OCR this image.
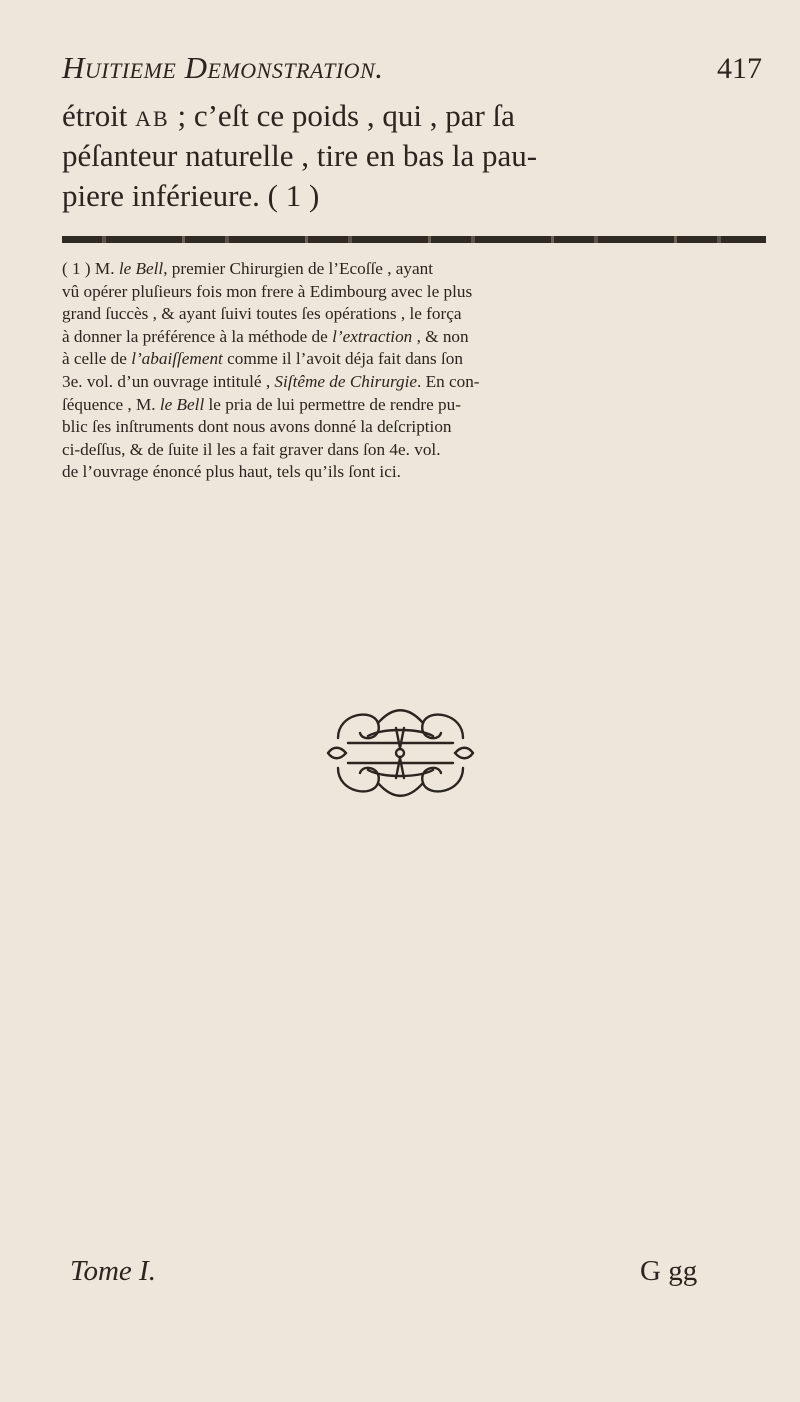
Huitieme Demonstration.	417

étroit ab ; c’eſt ce poids , qui , par ſa
péſanteur naturelle , tire en bas la pau-
piere inférieure. ( 1 )

( 1 ) M. le Bell, premier Chirurgien de l’Ecoſſe , ayant
vû opérer pluſieurs fois mon frere à Edimbourg avec le plus
grand ſuccès , & ayant ſuivi toutes ſes opérations , le força
à donner la préférence à la méthode de l’extraction , & non
à celle de l’abaiſſement comme il l’avoit déja fait dans ſon
3e. vol. d’un ouvrage intitulé , Siſtême de Chirurgie. En con-
ſéquence , M. le Bell le pria de lui permettre de rendre pu-
blic ſes inſtruments dont nous avons donné la deſcription
ci-deſſus, & de ſuite il les a fait graver dans ſon 4e. vol.
de l’ouvrage énoncé plus haut, tels qu’ils ſont ici.

Tome I.	G gg
